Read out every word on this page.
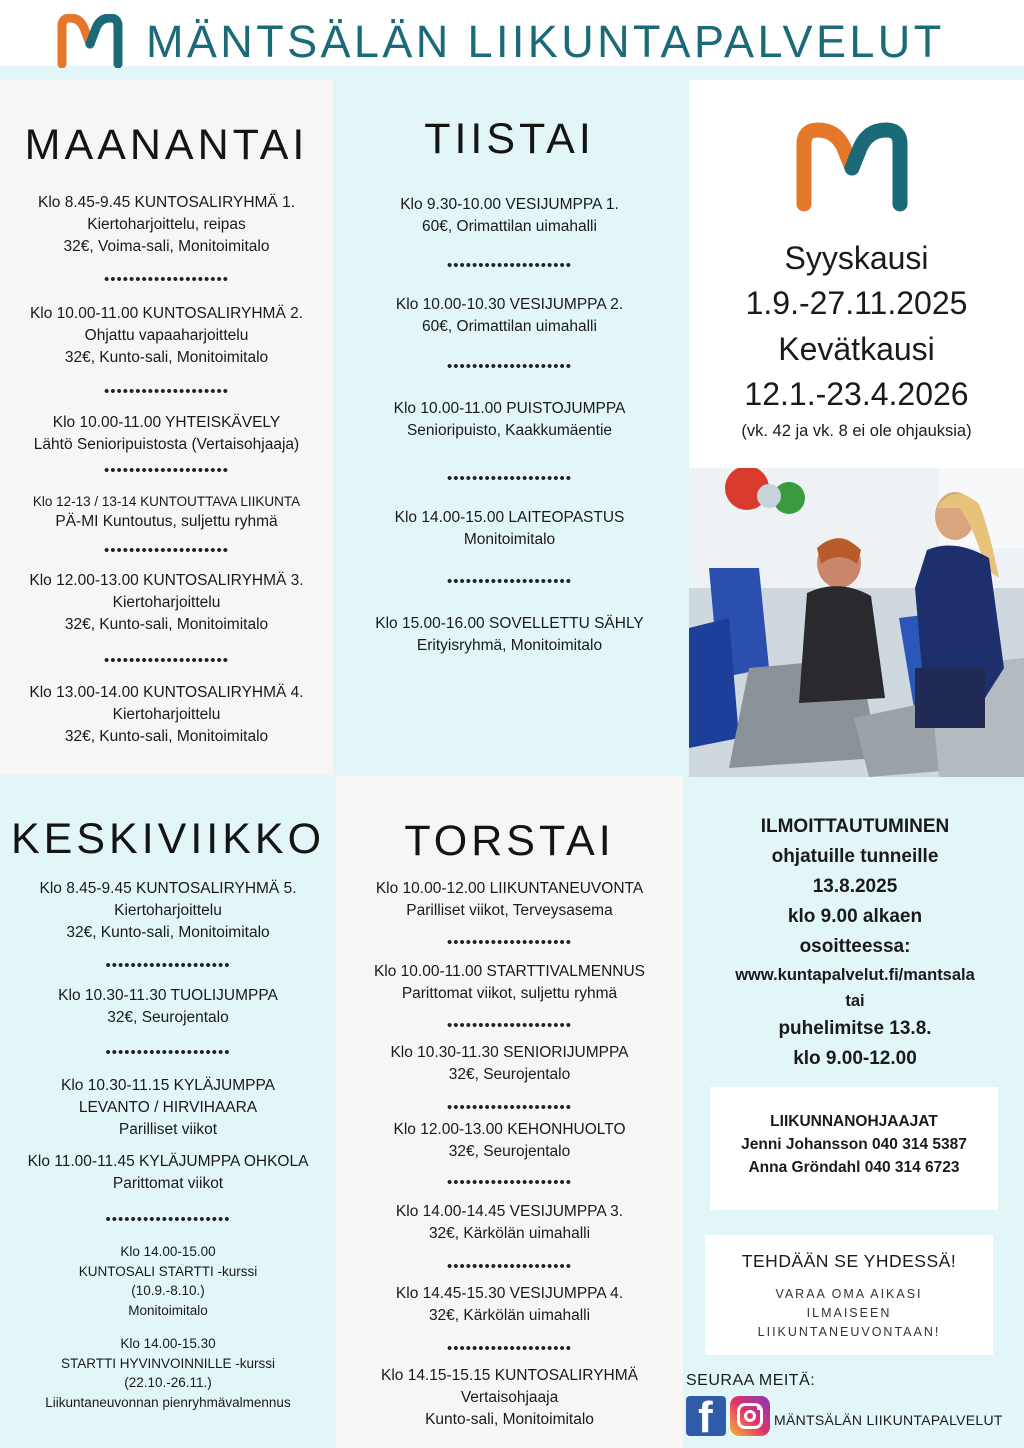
MÄNTSÄLÄN LIIKUNTAPALVELUT
MAANANTAI
Klo 8.45-9.45 KUNTOSALIRYHMÄ 1.
Kiertoharjoittelu, reipas
32€, Voima-sali, Monitoimitalo
••••••••••••••••••••
Klo 10.00-11.00 KUNTOSALIRYHMÄ 2.
Ohjattu vapaaharjoittelu
32€, Kunto-sali, Monitoimitalo
••••••••••••••••••••
Klo 10.00-11.00 YHTEISKÄVELY
Lähtö Senioripuistosta (Vertaisohjaaja)
••••••••••••••••••••
Klo 12-13 / 13-14 KUNTOUTTAVA LIIKUNTA
PÄ-MI Kuntoutus, suljettu ryhmä
••••••••••••••••••••
Klo 12.00-13.00 KUNTOSALIRYHMÄ 3.
Kiertoharjoittelu
32€, Kunto-sali, Monitoimitalo
••••••••••••••••••••
Klo 13.00-14.00 KUNTOSALIRYHMÄ 4.
Kiertoharjoittelu
32€, Kunto-sali, Monitoimitalo
TIISTAI
Klo 9.30-10.00 VESIJUMPPA 1.
60€, Orimattilan uimahalli
••••••••••••••••••••
Klo 10.00-10.30 VESIJUMPPA 2.
60€, Orimattilan uimahalli
••••••••••••••••••••
Klo 10.00-11.00 PUISTOJUMPPA
Senioripuisto, Kaakkumäentie
••••••••••••••••••••
Klo 14.00-15.00 LAITEOPASTUS
Monitoimitalo
••••••••••••••••••••
Klo 15.00-16.00 SOVELLETTU SÄHLY
Erityisryhmä, Monitoimitalo
Syyskausi
1.9.-27.11.2025
Kevätkausi
12.1.-23.4.2026
(vk. 42 ja vk. 8 ei ole ohjauksia)
KESKIVIIKKO
Klo 8.45-9.45 KUNTOSALIRYHMÄ 5.
Kiertoharjoittelu
32€, Kunto-sali, Monitoimitalo
••••••••••••••••••••
Klo 10.30-11.30 TUOLIJUMPPA
32€, Seurojentalo
••••••••••••••••••••
Klo 10.30-11.15 KYLÄJUMPPA
LEVANTO / HIRVIHAARA
Parilliset viikot
Klo 11.00-11.45 KYLÄJUMPPA OHKOLA
Parittomat viikot
••••••••••••••••••••
Klo 14.00-15.00
KUNTOSALI STARTTI -kurssi
(10.9.-8.10.)
Monitoimitalo
Klo 14.00-15.30
STARTTI HYVINVOINNILLE -kurssi
(22.10.-26.11.)
Liikuntaneuvonnan pienryhmävalmennus
TORSTAI
Klo 10.00-12.00 LIIKUNTANEUVONTA
Parilliset viikot, Terveysasema
••••••••••••••••••••
Klo 10.00-11.00 STARTTIVALMENNUS
Parittomat viikot, suljettu ryhmä
••••••••••••••••••••
Klo 10.30-11.30 SENIORIJUMPPA
32€, Seurojentalo
••••••••••••••••••••
Klo 12.00-13.00 KEHONHUOLTO
32€, Seurojentalo
••••••••••••••••••••
Klo 14.00-14.45 VESIJUMPPA 3.
32€, Kärkölän uimahalli
••••••••••••••••••••
Klo 14.45-15.30 VESIJUMPPA 4.
32€, Kärkölän uimahalli
••••••••••••••••••••
Klo 14.15-15.15 KUNTOSALIRYHMÄ
Vertaisohjaaja
Kunto-sali, Monitoimitalo
ILMOITTAUTUMINEN
ohjatuille tunneille
13.8.2025
klo 9.00 alkaen
osoitteessa:
www.kuntapalvelut.fi/mantsala
tai
puhelimitse 13.8.
klo 9.00-12.00
LIIKUNNANOHJAAJAT
Jenni Johansson 040 314 5387
Anna Gröndahl 040 314 6723
TEHDÄÄN SE YHDESSÄ!
VARAA OMA AIKASI
ILMAISEEN
LIIKUNTANEUVONTAAN!
SEURAA MEITÄ:
f	MÄNTSÄLÄN LIIKUNTAPALVELUT
